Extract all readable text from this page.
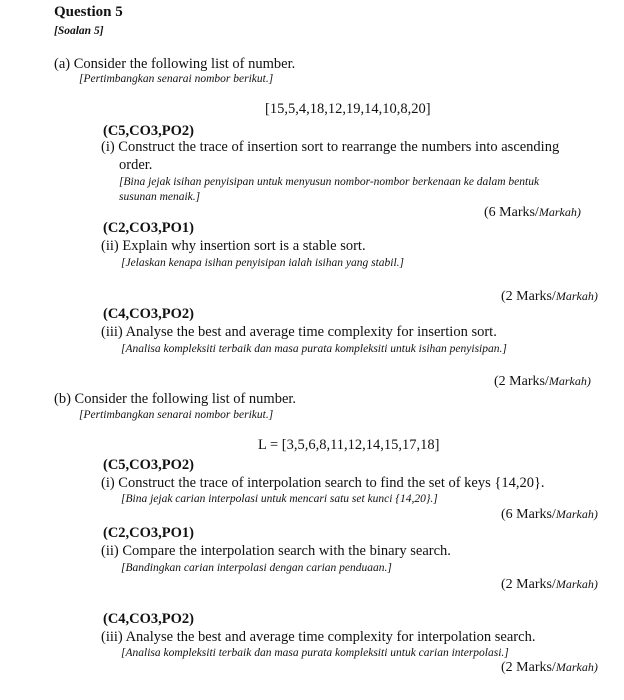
Question 5
[Soalan 5]
(a) Consider the following list of number.
[Pertimbangkan senarai nombor berikut.]
[15,5,4,18,12,19,14,10,8,20]
(C5,CO3,PO2)
(i) Construct the trace of insertion sort to rearrange the numbers into ascending
order.
[Bina jejak isihan penyisipan untuk menyusun nombor-nombor berkenaan ke dalam bentuk
susunan menaik.]
(6 Marks/Markah)
(C2,CO3,PO1)
(ii) Explain why insertion sort is a stable sort.
[Jelaskan kenapa isihan penyisipan ialah isihan yang stabil.]
(2 Marks/Markah)
(C4,CO3,PO2)
(iii) Analyse the best and average time complexity for insertion sort.
[Analisa kompleksiti terbaik dan masa purata kompleksiti untuk isihan penyisipan.]
(2 Marks/Markah)
(b) Consider the following list of number.
[Pertimbangkan senarai nombor berikut.]
L = [3,5,6,8,11,12,14,15,17,18]
(C5,CO3,PO2)
(i) Construct the trace of interpolation search to find the set of keys {14,20}.
[Bina jejak carian interpolasi untuk mencari satu set kunci {14,20}.]
(6 Marks/Markah)
(C2,CO3,PO1)
(ii) Compare the interpolation search with the binary search.
[Bandingkan carian interpolasi dengan carian penduaan.]
(2 Marks/Markah)
(C4,CO3,PO2)
(iii) Analyse the best and average time complexity for interpolation search.
[Analisa kompleksiti terbaik dan masa purata kompleksiti untuk carian interpolasi.]
(2 Marks/Markah)
